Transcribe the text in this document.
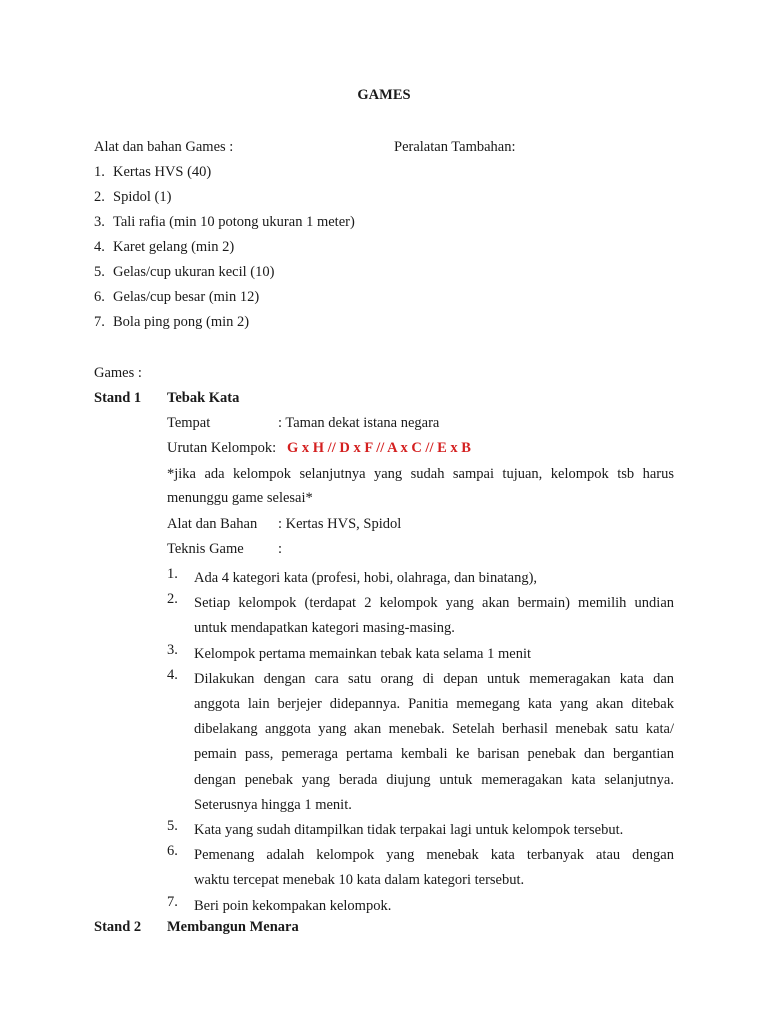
GAMES
Alat dan bahan Games :	Peralatan Tambahan:
1. Kertas HVS (40)
2. Spidol (1)
3. Tali rafia (min 10 potong ukuran 1 meter)
4. Karet gelang (min 2)
5. Gelas/cup ukuran kecil (10)
6. Gelas/cup besar (min 12)
7. Bola ping pong (min 2)
Games :
Stand 1 Tebak Kata
Tempat	: Taman dekat istana negara
Urutan Kelompok: G x H // D x F // A x C // E x B
*jika ada kelompok selanjutnya yang sudah sampai tujuan, kelompok tsb harus
menunggu game selesai*
Alat dan Bahan : Kertas HVS, Spidol
Teknis Game :
1. Ada 4 kategori kata (profesi, hobi, olahraga, dan binatang),
2. Setiap kelompok (terdapat 2 kelompok yang akan bermain) memilih undian
untuk mendapatkan kategori masing-masing.
3. Kelompok pertama memainkan tebak kata selama 1 menit
4. Dilakukan dengan cara satu orang di depan untuk memeragakan kata dan
anggota lain berjejer didepannya. Panitia memegang kata yang akan ditebak
dibelakang anggota yang akan menebak. Setelah berhasil menebak satu kata/
pemain pass, pemeraga pertama kembali ke barisan penebak dan bergantian
dengan penebak yang berada diujung untuk memeragakan kata selanjutnya.
Seterusnya hingga 1 menit.
5. Kata yang sudah ditampilkan tidak terpakai lagi untuk kelompok tersebut.
6. Pemenang adalah kelompok yang menebak kata terbanyak atau dengan
waktu tercepat menebak 10 kata dalam kategori tersebut.
7. Beri poin kekompakan kelompok.
Stand 2 Membangun Menara
